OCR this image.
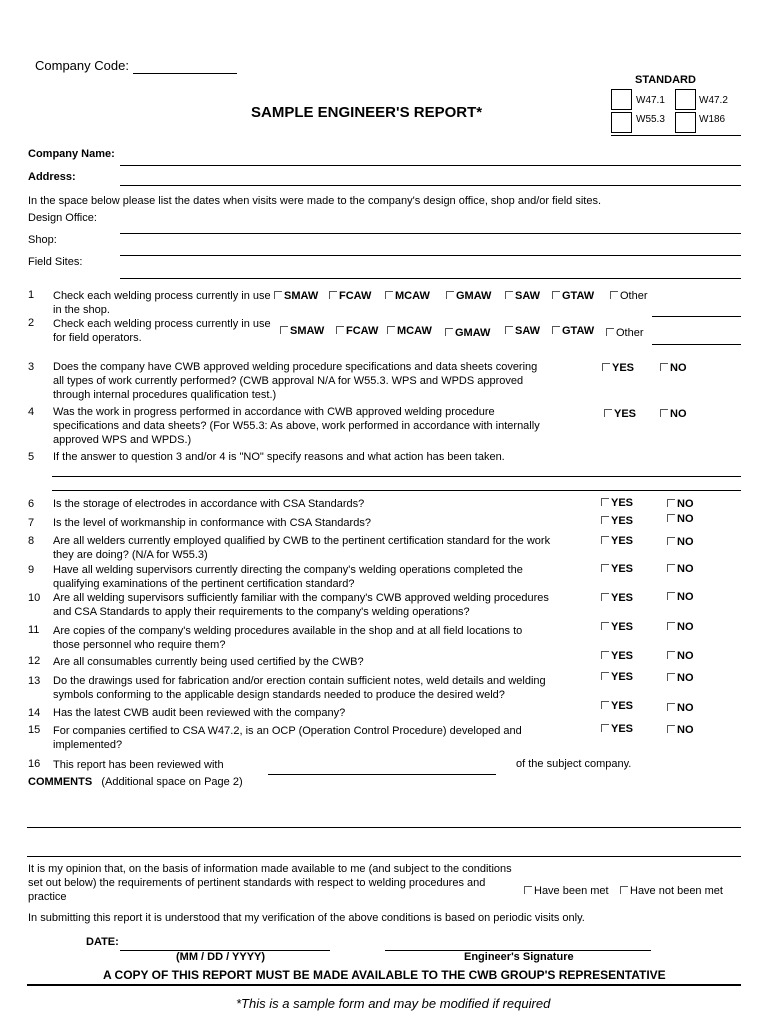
Company Code:
SAMPLE ENGINEER'S REPORT*
STANDARD
W47.1	W47.2
W55.3	W186
Company Name:
Address:
In the space below please list the dates when visits were made to the company's design office, shop and/or field sites.
Design Office:
Shop:
Field Sites:
1 Check each welding process currently in use
in the shop.
SMAW	FCAW	MCAW	GMAW	SAW	GTAW	Other
2 Check each welding process currently in use
for field operators.
SMAW	FCAW	MCAW	GMAW	SAW	GTAW	Other
3 Does the company have CWB approved welding procedure specifications and data sheets covering
all types of work currently performed? (CWB approval N/A for W55.3. WPS and WPDS approved
through internal procedures qualification test.)
YES	NO
4 Was the work in progress performed in accordance with CWB approved welding procedure
specifications and data sheets? (For W55.3: As above, work performed in accordance with internally
approved WPS and WPDS.)
YES	NO
5 If the answer to question 3 and/or 4 is "NO" specify reasons and what action has been taken.
6 Is the storage of electrodes in accordance with CSA Standards?	YES	NO
7 Is the level of workmanship in conformance with CSA Standards?	YES	NO
8 Are all welders currently employed qualified by CWB to the pertinent certification standard for the work
they are doing? (N/A for W55.3)
YES	NO
9 Have all welding supervisors currently directing the company's welding operations completed the
qualifying examinations of the pertinent certification standard?
YES	NO
10 Are all welding supervisors sufficiently familiar with the company's CWB approved welding procedures
and CSA Standards to apply their requirements to the company's welding operations?
YES	NO
11 Are copies of the company's welding procedures available in the shop and at all field locations to
those personnel who require them?
YES	NO
12 Are all consumables currently being used certified by the CWB?	YES	NO
13 Do the drawings used for fabrication and/or erection contain sufficient notes, weld details and welding
symbols conforming to the applicable design standards needed to produce the desired weld?
YES	NO
14 Has the latest CWB audit been reviewed with the company?
YES	NO
15 For companies certified to CSA W47.2, is an OCP (Operation Control Procedure) developed and
implemented?
YES	NO
16 This report has been reviewed with	of the subject company.
COMMENTS (Additional space on Page 2)
It is my opinion that, on the basis of information made available to me (and subject to the conditions
set out below) the requirements of pertinent standards with respect to welding procedures and
practice	Have been met	Have not been met
In submitting this report it is understood that my verification of the above conditions is based on periodic visits only.
DATE:
(MM / DD / YYYY)	Engineer's Signature
A COPY OF THIS REPORT MUST BE MADE AVAILABLE TO THE CWB GROUP'S REPRESENTATIVE
*This is a sample form and may be modified if required
